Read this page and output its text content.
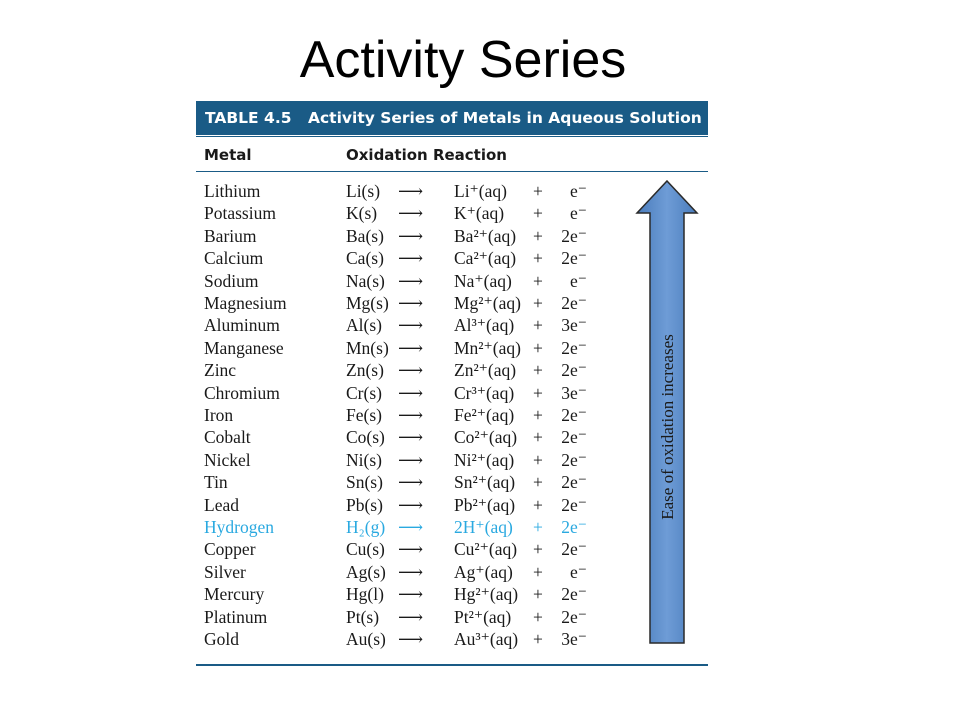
Activity Series
TABLE 4.5 Activity Series of Metals in Aqueous Solution
Metal	Oxidation Reaction
Lithium	Li(s) ⟶ Li⁺(aq) +	e⁻
Potassium	K(s) ⟶ K⁺(aq) +	e⁻
Barium	Ba(s) ⟶ Ba²⁺(aq) +	2e⁻
Calcium	Ca(s) ⟶ Ca²⁺(aq) +	2e⁻
Sodium	Na(s) ⟶ Na⁺(aq) +	e⁻
Magnesium	Mg(s) ⟶ Mg²⁺(aq) +	2e⁻
Aluminum	Al(s) ⟶ Al³⁺(aq) +	3e⁻
Manganese	Mn(s) ⟶ Mn²⁺(aq) +	2e⁻
Zinc	Zn(s) ⟶ Zn²⁺(aq) +	2e⁻
Chromium	Cr(s) ⟶ Cr³⁺(aq) +	3e⁻
Iron	Fe(s) ⟶ Fe²⁺(aq) +	2e⁻
Cobalt	Co(s) ⟶ Co²⁺(aq) +	2e⁻
Nickel	Ni(s) ⟶ Ni²⁺(aq) +	2e⁻
Tin	Sn(s) ⟶ Sn²⁺(aq) +	2e⁻
Lead	Pb(s) ⟶ Pb²⁺(aq) +	2e⁻
Hydrogen	H₂(g) ⟶ 2H⁺(aq) +	2e⁻
Copper	Cu(s) ⟶ Cu²⁺(aq) +	2e⁻
Silver	Ag(s) ⟶ Ag⁺(aq) +	e⁻
Mercury	Hg(l) ⟶ Hg²⁺(aq) +	2e⁻
Platinum	Pt(s) ⟶ Pt²⁺(aq) +	2e⁻
Gold	Au(s) ⟶ Au³⁺(aq) +	3e⁻
Ease of oxidation increases
